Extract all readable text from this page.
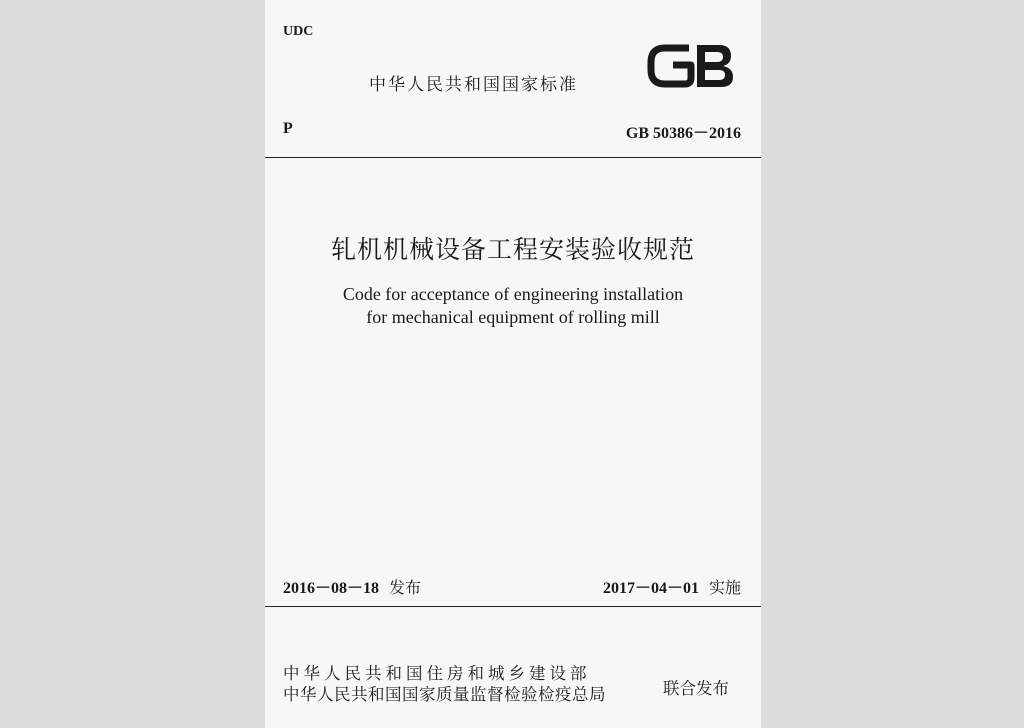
UDC
中华人民共和国国家标准
P	GB 50386－2016
轧机机械设备工程安装验收规范
Code for acceptance of engineering installation
for mechanical equipment of rolling mill
2016－08－18 发布	2017－04－01 实施
中华人民共和国住房和城乡建设部
中华人民共和国国家质量监督检验检疫总局	联合发布
